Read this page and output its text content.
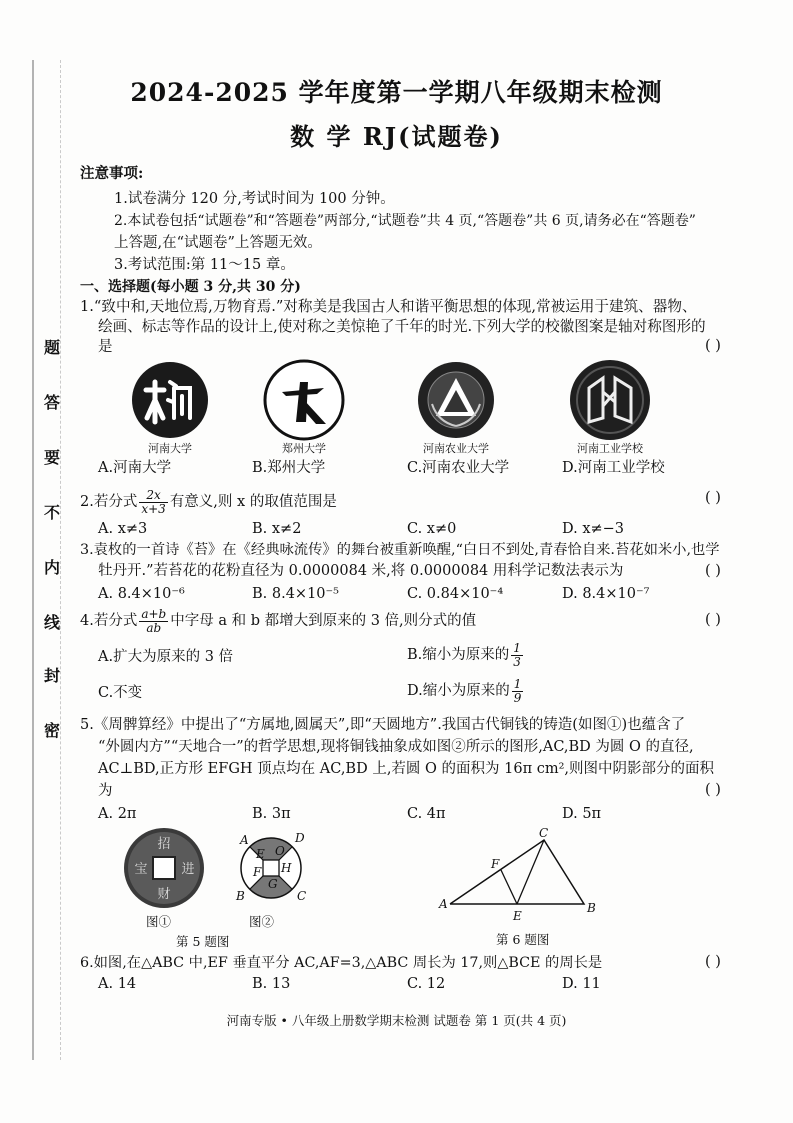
题
答
要
不
内
线
封
密
2024-2025 学年度第一学期八年级期末检测
数 学 RJ(试题卷)
注意事项:
1.试卷满分 120 分,考试时间为 100 分钟。
2.本试卷包括“试题卷”和“答题卷”两部分,“试题卷”共 4 页,“答题卷”共 6 页,请务必在“答题卷”
上答题,在“试题卷”上答题无效。
3.考试范围:第 11～15 章。
一、选择题(每小题 3 分,共 30 分)
1.“致中和,天地位焉,万物育焉.”对称美是我国古人和谐平衡思想的体现,常被运用于建筑、器物、
绘画、标志等作品的设计上,使对称之美惊艳了千年的时光.下列大学的校徽图案是轴对称图形的
是	( )
河南大学	郑州大学	河南农业大学	河南工业学校
A.河南大学	B.郑州大学	C.河南农业大学	D.河南工业学校
2.若分式 $\frac{2x}{x+3}$ 有意义,则 x 的取值范围是	( )
A. x≠3	B. x≠2	C. x≠0	D. x≠−3
3.袁枚的一首诗《苔》在《经典咏流传》的舞台被重新唤醒,“白日不到处,青春恰自来.苔花如米小,也学
牡丹开.”若苔花的花粉直径为 0.0000084 米,将 0.0000084 用科学记数法表示为	( )
A. 8.4×10⁻⁶	B. 8.4×10⁻⁵	C. 0.84×10⁻⁴	D. 8.4×10⁻⁷
4.若分式 $\frac{a+b}{ab}$ 中字母 a 和 b 都增大到原来的 3 倍,则分式的值	( )
A.扩大为原来的 3 倍	B.缩小为原来的 $\frac{1}{3}$
C.不变	D.缩小为原来的 $\frac{1}{9}$
5.《周髀算经》中提出了“方属地,圆属天”,即“天圆地方”.我国古代铜钱的铸造(如图①)也蕴含了
“外圆内方”“天地合一”的哲学思想,现将铜钱抽象成如图②所示的图形,AC,BD 为圆 O 的直径,
AC⊥BD,正方形 EFGH 顶点均在 AC,BD 上,若圆 O 的面积为 16π cm²,则图中阴影部分的面积
为	( )
A. 2π	B. 3π	C. 4π	D. 5π
招
进
财
宝
A
B	C
D
O
E
F
G
H
图①	图②
第 5 题图
A	B
C
E
F
第 6 题图
6.如图,在△ABC 中,EF 垂直平分 AC,AF=3,△ABC 周长为 17,则△BCE 的周长是	( )
A. 14	B. 13	C. 12	D. 11
河南专版 • 八年级上册数学期末检测 试题卷 第 1 页(共 4 页)
